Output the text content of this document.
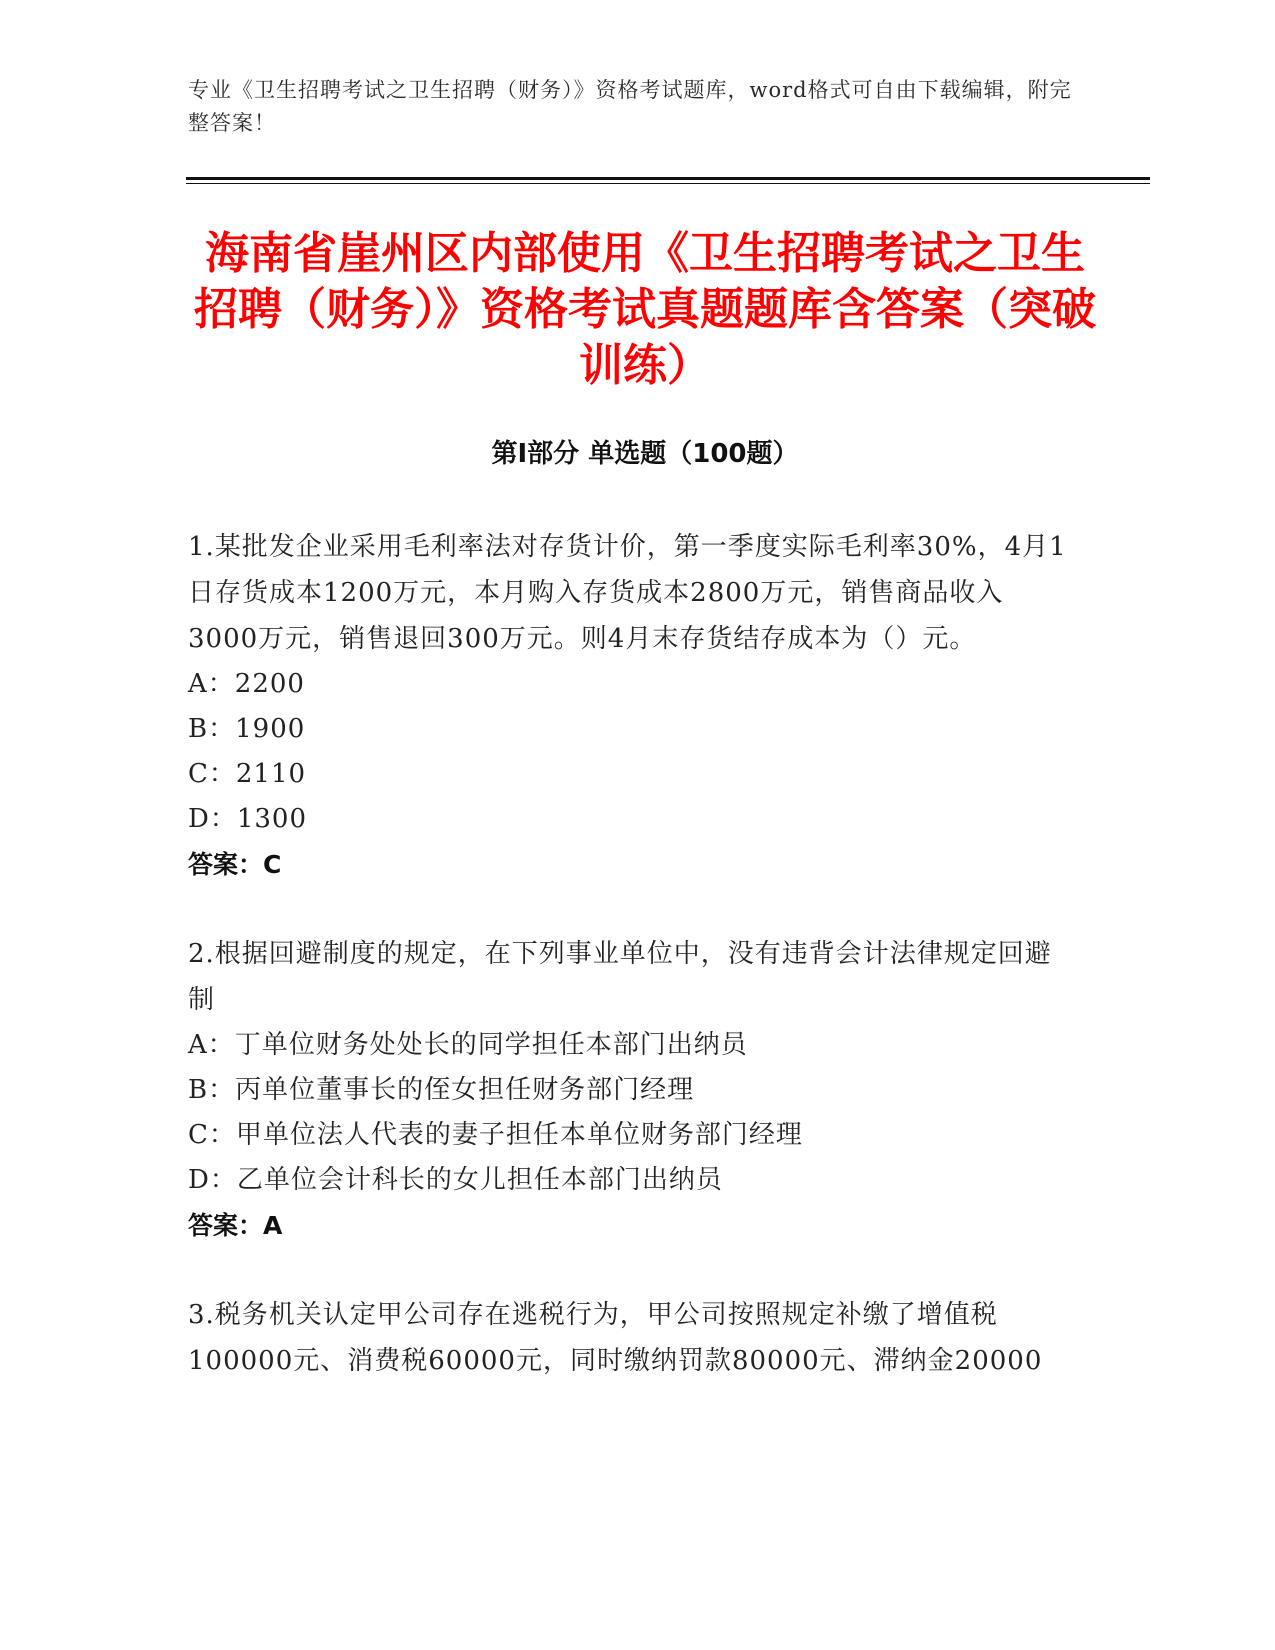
专业《卫生招聘考试之卫生招聘（财务）》资格考试题库，word格式可自由下载编辑，附完整答案！
海南省崖州区内部使用《卫生招聘考试之卫生招聘（财务）》资格考试真题题库含答案（突破训练）
第Ⅰ部分 单选题（100题）

1.某批发企业采用毛利率法对存货计价，第一季度实际毛利率30%，4月1日存货成本1200万元，本月购入存货成本2800万元，销售商品收入3000万元，销售退回300万元。则4月末存货结存成本为（）元。

A：2200
B：1900
C：2110
D：1300
答案：C

2.根据回避制度的规定，在下列事业单位中，没有违背会计法律规定回避制

A：丁单位财务处处长的同学担任本部门出纳员
B：丙单位董事长的侄女担任财务部门经理
C：甲单位法人代表的妻子担任本单位财务部门经理
D：乙单位会计科长的女儿担任本部门出纳员
答案：A

3.税务机关认定甲公司存在逃税行为，甲公司按照规定补缴了增值税100000元、消费税60000元，同时缴纳罚款80000元、滞纳金20000
